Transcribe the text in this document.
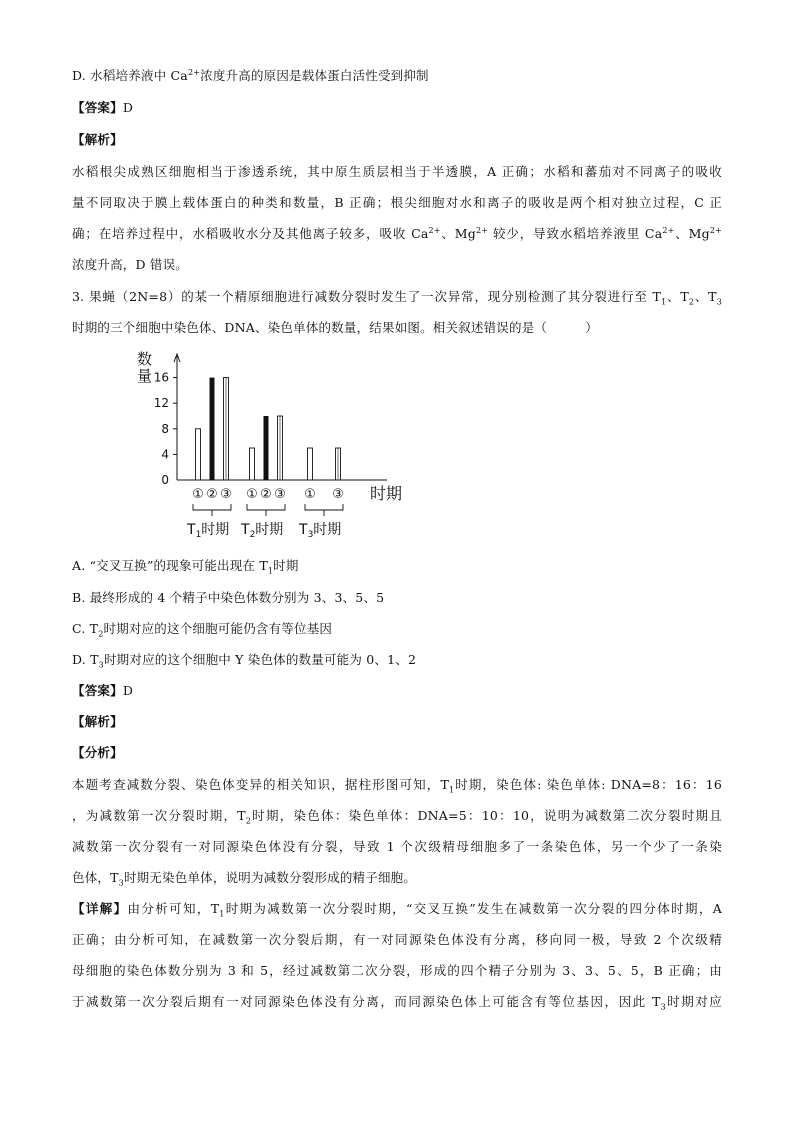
D. 水稻培养液中 $Ca^{2+}$浓度升高的原因是载体蛋白活性受到抑制
【答案】D
【解析】
水稻根尖成熟区细胞相当于渗透系统，其中原生质层相当于半透膜，A 正确；水稻和蕃茄对不同离子的吸收
量不同取决于膜上载体蛋白的种类和数量，B 正确；根尖细胞对水和离子的吸收是两个相对独立过程，C 正
确；在培养过程中，水稻吸收水分及其他离子较多，吸收 $Ca^{2+}$、$Mg^{2+}$ 较少，导致水稻培养液里 $Ca^{2+}$、$Mg^{2+}$
浓度升高，D 错误。
3. 果蝇（2N=8）的某一个精原细胞进行减数分裂时发生了一次异常，现分别检测了其分裂进行至 $T_1$、$T_2$、$T_3$
时期的三个细胞中染色体、DNA、染色单体的数量，结果如图。相关叙述错误的是（　　　）
数
量
0
4
8
12
16
① ② ③
$T_1$时期
① ② ③
$T_2$时期
① ③
$T_3$时期
时期
A. “交叉互换”的现象可能出现在 $T_1$时期
B. 最终形成的 4 个精子中染色体数分别为 3、3、5、5
C. $T_2$时期对应的这个细胞可能仍含有等位基因
D. $T_3$时期对应的这个细胞中 Y 染色体的数量可能为 0、1、2
【答案】D
【解析】
【分析】
本题考查减数分裂、染色体变异的相关知识，据柱形图可知，$T_1$时期，染色体: 染色单体: DNA=8：16：16
，为减数第一次分裂时期，$T_2$时期，染色体：染色单体：DNA=5：10：10，说明为减数第二次分裂时期且
减数第一次分裂有一对同源染色体没有分裂，导致 1 个次级精母细胞多了一条染色体，另一个少了一条染
色体，$T_3$时期无染色单体，说明为减数分裂形成的精子细胞。
【详解】由分析可知，$T_1$时期为减数第一次分裂时期，“交叉互换”发生在减数第一次分裂的四分体时期，A
正确；由分析可知，在减数第一次分裂后期，有一对同源染色体没有分离，移向同一极，导致 2 个次级精
母细胞的染色体数分别为 3 和 5，经过减数第二次分裂，形成的四个精子分别为 3、3、5、5，B 正确；由
于减数第一次分裂后期有一对同源染色体没有分离，而同源染色体上可能含有等位基因，因此 $T_3$时期对应
